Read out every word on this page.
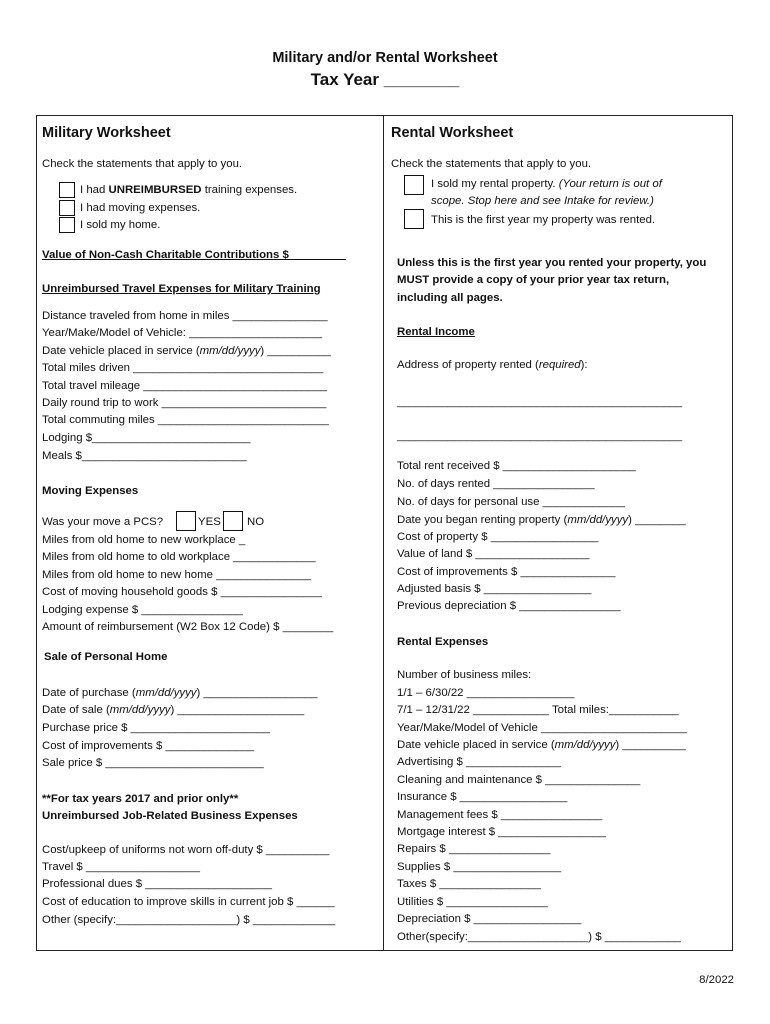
Military and/or Rental Worksheet
Tax Year ________
Military Worksheet
Check the statements that apply to you.
I had UNREIMBURSED training expenses.
I had moving expenses.
I sold my home.
Value of Non-Cash Charitable Contributions $_________
Unreimbursed Travel Expenses for Military Training
Distance traveled from home in miles _______________
Year/Make/Model of Vehicle: _____________________
Date vehicle placed in service (mm/dd/yyyy) __________
Total miles driven ______________________________
Total travel mileage _____________________________
Daily round trip to work __________________________
Total commuting miles ___________________________
Lodging $_________________________
Meals $__________________________
Moving Expenses
Was your move a PCS?	YES NO
Miles from old home to new workplace _
Miles from old home to old workplace _____________
Miles from old home to new home _______________
Cost of moving household goods $ ________________
Lodging expense $ ________________
Amount of reimbursement (W2 Box 12 Code) $ ________
Sale of Personal Home
Date of purchase (mm/dd/yyyy) __________________
Date of sale (mm/dd/yyyy) ____________________
Purchase price $ ______________________
Cost of improvements $ ______________
Sale price $ _________________________
**For tax years 2017 and prior only**
Unreimbursed Job-Related Business Expenses
Cost/upkeep of uniforms not worn off-duty $ __________
Travel $ __________________
Professional dues $ ____________________
Cost of education to improve skills in current job $ ______
Other (specify:___________________) $ _____________
Rental Worksheet
Check the statements that apply to you.
I sold my rental property. (Your return is out of
scope. Stop here and see Intake for review.)
This is the first year my property was rented.
Unless this is the first year you rented your property, you
MUST provide a copy of your prior year tax return,
including all pages.
Rental Income
Address of property rented (required):
_____________________________________________
_____________________________________________
Total rent received $ _____________________
No. of days rented ________________
No. of days for personal use _____________
Date you began renting property (mm/dd/yyyy) ________
Cost of property $ _________________
Value of land $ __________________
Cost of improvements $ _______________
Adjusted basis $ _________________
Previous depreciation $ ________________
Rental Expenses
Number of business miles:
1/1 – 6/30/22 _________________
7/1 – 12/31/22 ____________ Total miles:___________
Year/Make/Model of Vehicle _______________________
Date vehicle placed in service (mm/dd/yyyy) __________
Advertising $ _______________
Cleaning and maintenance $ _______________
Insurance $ _________________
Management fees $ ________________
Mortgage interest $ _________________
Repairs $ ________________
Supplies $ _________________
Taxes $ ________________
Utilities $ ________________
Depreciation $ _________________
Other(specify:___________________) $ ____________
8/2022
